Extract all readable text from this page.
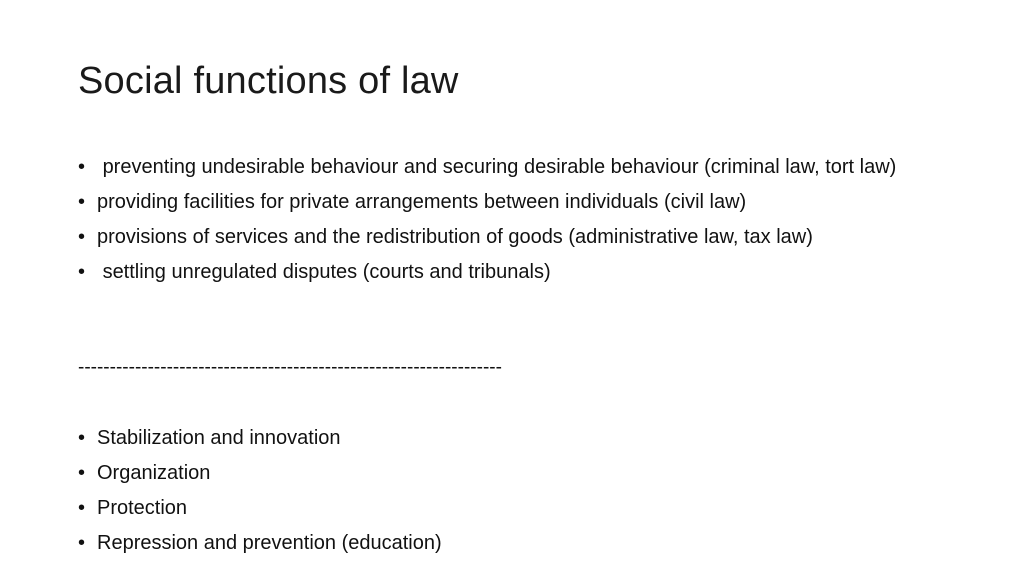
Social functions of law
• preventing undesirable behaviour and securing desirable behaviour (criminal law, tort law)
• providing facilities for private arrangements between individuals (civil law)
• provisions of services and the redistribution of goods (administrative law, tax law)
• settling unregulated disputes (courts and tribunals)
-------------------------------------------------------------------
• Stabilization and innovation
• Organization
• Protection
• Repression and prevention (education)
